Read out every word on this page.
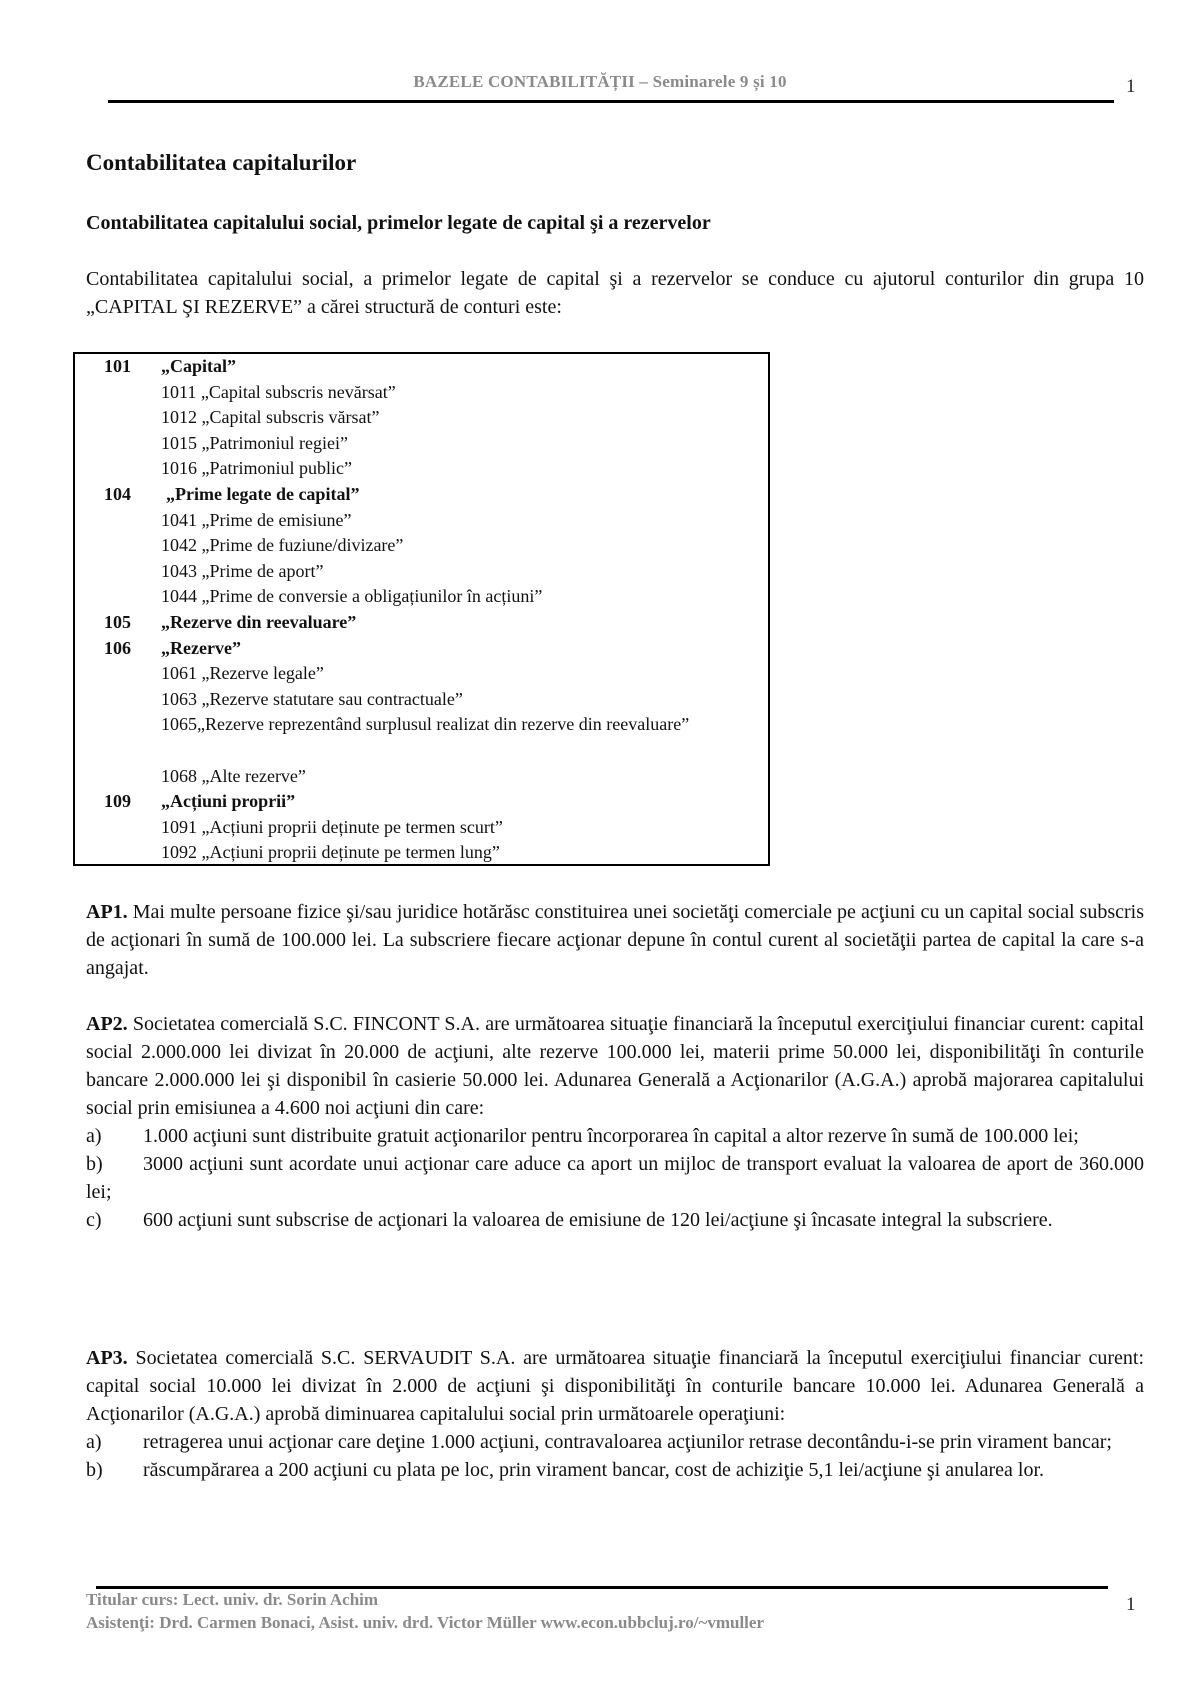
BAZELE CONTABILITĂȚII – Seminarele 9 și 10	1
Contabilitatea capitalurilor
Contabilitatea capitalului social, primelor legate de capital şi a rezervelor
Contabilitatea capitalului social, a primelor legate de capital şi a rezervelor se conduce cu ajutorul conturilor din grupa 10 „CAPITAL ŞI REZERVE” a cărei structură de conturi este:
101 „Capital”
1011 „Capital subscris nevărsat”
1012 „Capital subscris vărsat”
1015 „Patrimoniul regiei”
1016 „Patrimoniul public”
104 „Prime legate de capital”
1041 „Prime de emisiune”
1042 „Prime de fuziune/divizare”
1043 „Prime de aport”
1044 „Prime de conversie a obligațiunilor în acțiuni”
105 „Rezerve din reevaluare”
106 „Rezerve”
1061 „Rezerve legale”
1063 „Rezerve statutare sau contractuale”
1065„Rezerve reprezentând surplusul realizat din rezerve din reevaluare”
1068 „Alte rezerve”
109 „Acțiuni proprii”
1091 „Acțiuni proprii deținute pe termen scurt”
1092 „Acțiuni proprii deținute pe termen lung”
AP1. Mai multe persoane fizice şi/sau juridice hotărăsc constituirea unei societăţi comerciale pe acţiuni cu un capital social subscris de acţionari în sumă de 100.000 lei. La subscriere fiecare acţionar depune în contul curent al societăţii partea de capital la care s-a angajat.
AP2. Societatea comercială S.C. FINCONT S.A. are următoarea situaţie financiară la începutul exerciţiului financiar curent: capital social 2.000.000 lei divizat în 20.000 de acţiuni, alte rezerve 100.000 lei, materii prime 50.000 lei, disponibilităţi în conturile bancare 2.000.000 lei şi disponibil în casierie 50.000 lei. Adunarea Generală a Acţionarilor (A.G.A.) aprobă majorarea capitalului social prin emisiunea a 4.600 noi acţiuni din care:
a) 1.000 acţiuni sunt distribuite gratuit acţionarilor pentru încorporarea în capital a altor rezerve în sumă de 100.000 lei;
b) 3000 acţiuni sunt acordate unui acţionar care aduce ca aport un mijloc de transport evaluat la valoarea de aport de 360.000 lei;
c) 600 acţiuni sunt subscrise de acţionari la valoarea de emisiune de 120 lei/acţiune şi încasate integral la subscriere.
AP3. Societatea comercială S.C. SERVAUDIT S.A. are următoarea situaţie financiară la începutul exerciţiului financiar curent: capital social 10.000 lei divizat în 2.000 de acţiuni şi disponibilităţi în conturile bancare 10.000 lei. Adunarea Generală a Acţionarilor (A.G.A.) aprobă diminuarea capitalului social prin următoarele operaţiuni:
a) retragerea unui acţionar care deţine 1.000 acţiuni, contravaloarea acţiunilor retrase decontându-i-se prin virament bancar;
b) răscumpărarea a 200 acţiuni cu plata pe loc, prin virament bancar, cost de achiziţie 5,1 lei/acţiune şi anularea lor.
Titular curs: Lect. univ. dr. Sorin Achim
Asistenţi: Drd. Carmen Bonaci, Asist. univ. drd. Victor Müller www.econ.ubbcluj.ro/~vmuller
1
